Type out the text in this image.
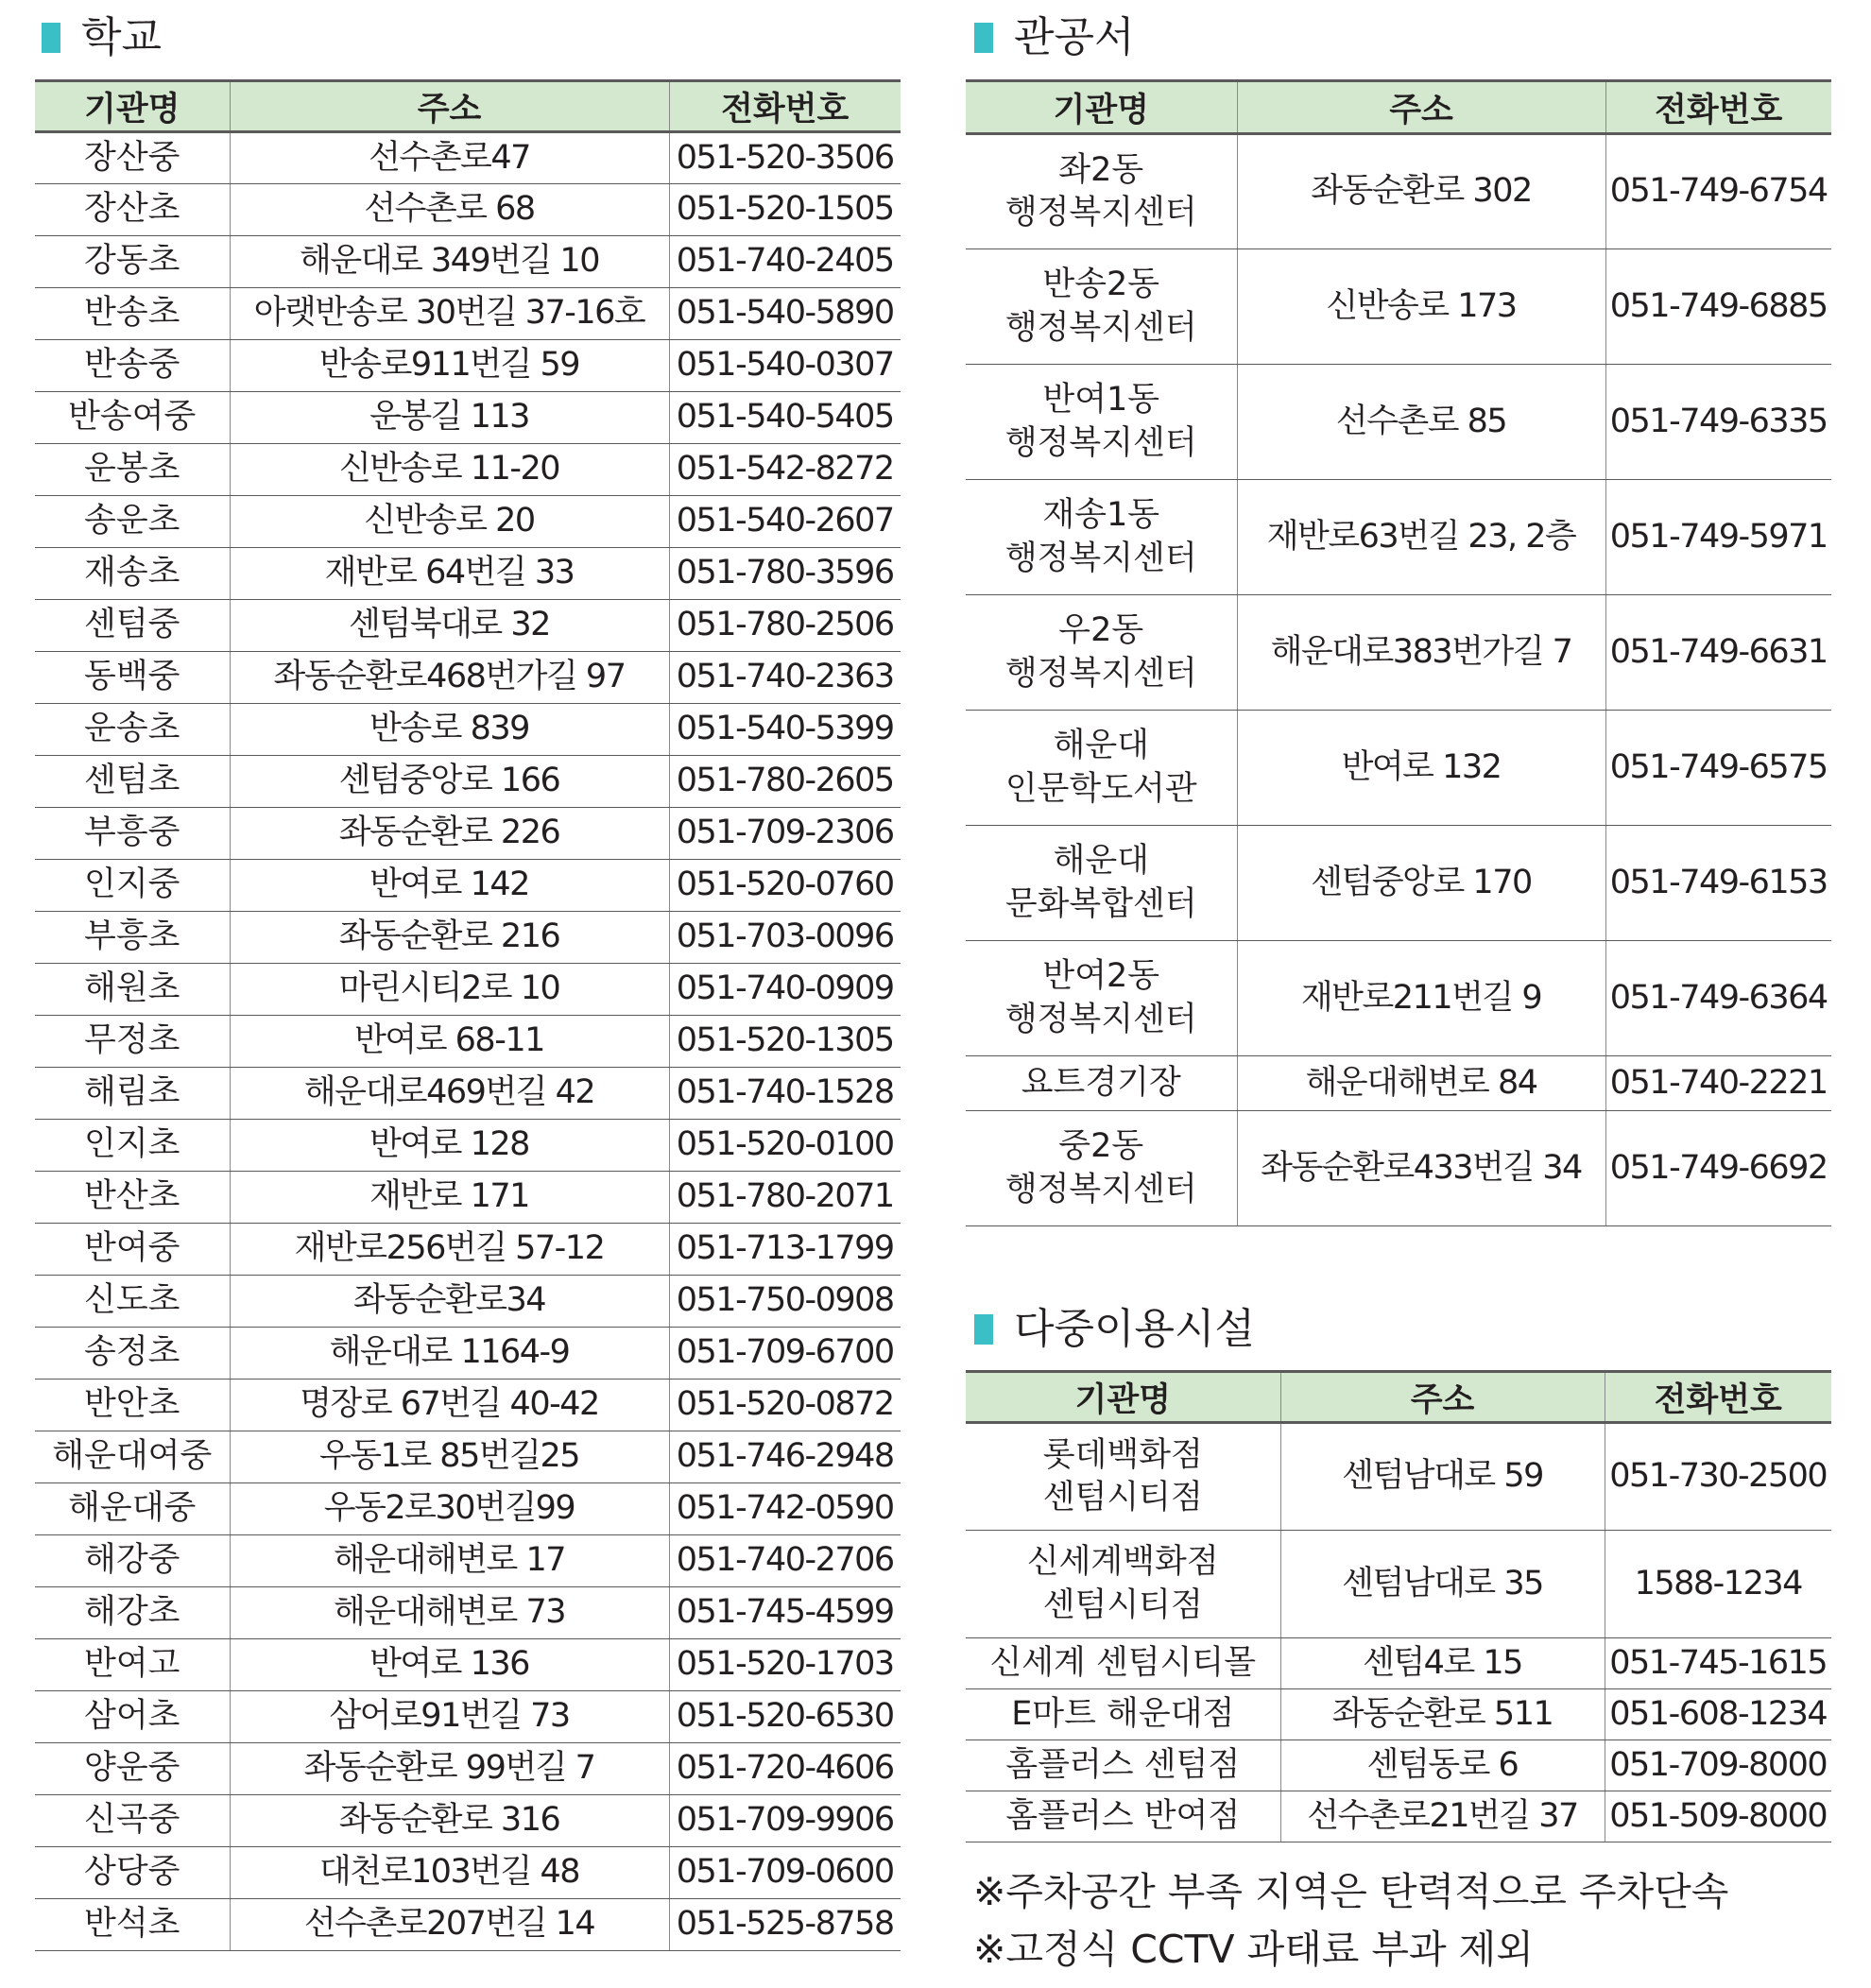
학교
기관명	주소	전화번호
장산중	선수촌로47	051-520-3506
장산초	선수촌로 68	051-520-1505
강동초	해운대로 349번길 10	051-740-2405
반송초	아랫반송로 30번길 37-16호	051-540-5890
반송중	반송로911번길 59	051-540-0307
반송여중	운봉길 113	051-540-5405
운봉초	신반송로 11-20	051-542-8272
송운초	신반송로 20	051-540-2607
재송초	재반로 64번길 33	051-780-3596
센텀중	센텀북대로 32	051-780-2506
동백중	좌동순환로468번가길 97	051-740-2363
운송초	반송로 839	051-540-5399
센텀초	센텀중앙로 166	051-780-2605
부흥중	좌동순환로 226	051-709-2306
인지중	반여로 142	051-520-0760
부흥초	좌동순환로 216	051-703-0096
해원초	마린시티2로 10	051-740-0909
무정초	반여로 68-11	051-520-1305
해림초	해운대로469번길 42	051-740-1528
인지초	반여로 128	051-520-0100
반산초	재반로 171	051-780-2071
반여중	재반로256번길 57-12	051-713-1799
신도초	좌동순환로34	051-750-0908
송정초	해운대로 1164-9	051-709-6700
반안초	명장로 67번길 40-42	051-520-0872
해운대여중	우동1로 85번길25	051-746-2948
해운대중	우동2로30번길99	051-742-0590
해강중	해운대해변로 17	051-740-2706
해강초	해운대해변로 73	051-745-4599
반여고	반여로 136	051-520-1703
삼어초	삼어로91번길 73	051-520-6530
양운중	좌동순환로 99번길 7	051-720-4606
신곡중	좌동순환로 316	051-709-9906
상당중	대천로103번길 48	051-709-0600
반석초	선수촌로207번길 14	051-525-8758
관공서
기관명	주소	전화번호
좌2동
행정복지센터	좌동순환로 302	051-749-6754
반송2동
행정복지센터	신반송로 173	051-749-6885
반여1동
행정복지센터	선수촌로 85	051-749-6335
재송1동
행정복지센터	재반로63번길 23, 2층	051-749-5971
우2동
행정복지센터	해운대로383번가길 7	051-749-6631
해운대
인문학도서관	반여로 132	051-749-6575
해운대
문화복합센터	센텀중앙로 170	051-749-6153
반여2동
행정복지센터	재반로211번길 9	051-749-6364
요트경기장	해운대해변로 84	051-740-2221
중2동
행정복지센터	좌동순환로433번길 34	051-749-6692
다중이용시설
기관명	주소	전화번호
롯데백화점
센텀시티점	센텀남대로 59	051-730-2500
신세계백화점
센텀시티점	센텀남대로 35	1588-1234
신세계 센텀시티몰	센텀4로 15	051-745-1615
E마트 해운대점	좌동순환로 511	051-608-1234
홈플러스 센텀점	센텀동로 6	051-709-8000
홈플러스 반여점	선수촌로21번길 37	051-509-8000
※주차공간 부족 지역은 탄력적으로 주차단속
※고정식 CCTV 과태료 부과 제외
